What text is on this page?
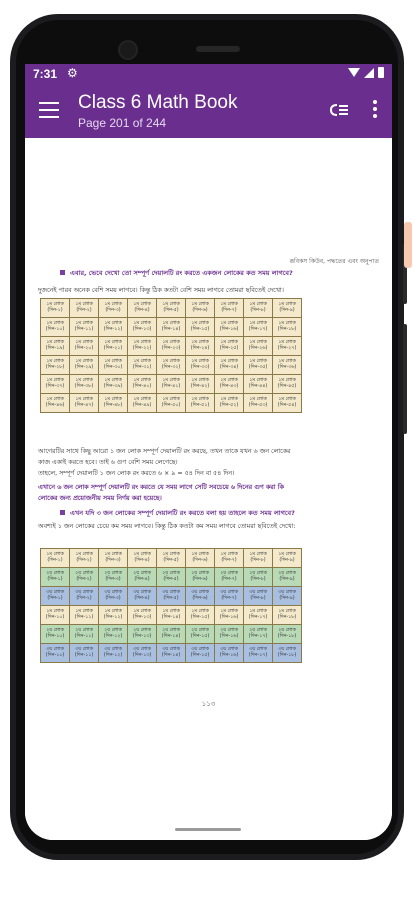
7:31 ⚙
Class 6 Math Book
Page 201 of 244
রূবিকস কিউব, পদ্ধতের এবং অনুপাত
এবার, ভেবে দেখো তো সম্পূর্ণ দেয়ালটি রং করতে একজন লোকের কত সময় লাগবে?
দুজনেই পারব অনেক বেশি সময় লাগবে। কিন্তু ঠিক কতটা বেশি সময় লাগবে তোমরা ছবিতেই দেখো।
১ম লোক (দিন-১)	১ম লোক (দিন-২)	১ম লোক (দিন-৩)	১ম লোক (দিন-৪)	১ম লোক (দিন-৫)	১ম লোক (দিন-৬)	১ম লোক (দিন-৭)	১ম লোক (দিন-৮)	১ম লোক (দিন-৯)
১ম লোক (দিন-১০)	১ম লোক (দিন-১১)	১ম লোক (দিন-১২)	১ম লোক (দিন-১৩)	১ম লোক (দিন-১৪)	১ম লোক (দিন-১৫)	১ম লোক (দিন-১৬)	১ম লোক (দিন-১৭)	১ম লোক (দিন-১৮)
১ম লোক (দিন-১৯)	১ম লোক (দিন-২০)	১ম লোক (দিন-২১)	১ম লোক (দিন-২২)	১ম লোক (দিন-২৩)	১ম লোক (দিন-২৪)	১ম লোক (দিন-২৫)	১ম লোক (দিন-২৬)	১ম লোক (দিন-২৭)
১ম লোক (দিন-২৮)	১ম লোক (দিন-২৯)	১ম লোক (দিন-৩০)	১ম লোক (দিন-৩১)	১ম লোক (দিন-৩২)	১ম লোক (দিন-৩৩)	১ম লোক (দিন-৩৪)	১ম লোক (দিন-৩৫)	১ম লোক (দিন-৩৬)
১ম লোক (দিন-৩৭)	১ম লোক (দিন-৩৮)	১ম লোক (দিন-৩৯)	১ম লোক (দিন-৪০)	১ম লোক (দিন-৪১)	১ম লোক (দিন-৪২)	১ম লোক (দিন-৪৩)	১ম লোক (দিন-৪৪)	১ম লোক (দিন-৪৫)
১ম লোক (দিন-৪৬)	১ম লোক (দিন-৪৭)	১ম লোক (দিন-৪৮)	১ম লোক (দিন-৪৯)	১ম লোক (দিন-৫০)	১ম লোক (দিন-৫১)	১ম লোক (দিন-৫২)	১ম লোক (দিন-৫৩)	১ম লোক (দিন-৫৪)
আগেরটির সাথে কিছু আরো ১ জন লোক সম্পূর্ণ দেয়ালটি রং করছে, তখন তাকে যখন ৬ জন লোকের
কাজ একাই করতে হবে। তাই ৬ গুণ বেশি সময় লেগেছে।
তাহলে, সম্পূর্ণ দেয়ালটি ১ জন লোক রং করতে ৬ × ৯ = ৫৪ দিন বা ৫৪ দিন।
এখানে ৬ জন লোক সম্পূর্ণ দেয়ালটি রং করতে যে সময় লাগে সেটি সবচেয়ে ৬ দিনের গুণ করা কি
লোকের জন্য প্রয়োজনীয় সময় নির্ণয় করা হয়েছে।
এখন যদি ৩ জন লোকের সম্পূর্ণ দেয়ালটি রং করতে বলা হয় তাহলে কত সময় লাগবে?
অবশ্যই ১ জন লোকের চেয়ে কম সময় লাগবে। কিন্তু ঠিক কতটা কম সময় লাগবে তোমরা ছবিতেই দেখো:
১ম লোক (দিন-১)	১ম লোক (দিন-২)	১ম লোক (দিন-৩)	১ম লোক (দিন-৪)	১ম লোক (দিন-৫)	১ম লোক (দিন-৬)	১ম লোক (দিন-৭)	১ম লোক (দিন-৮)	১ম লোক (দিন-৯)
২য় লোক (দিন-১)	২য় লোক (দিন-২)	২য় লোক (দিন-৩)	২য় লোক (দিন-৪)	২য় লোক (দিন-৫)	২য় লোক (দিন-৬)	২য় লোক (দিন-৭)	২য় লোক (দিন-৮)	২য় লোক (দিন-৯)
৩য় লোক (দিন-১)	৩য় লোক (দিন-২)	৩য় লোক (দিন-৩)	৩য় লোক (দিন-৪)	৩য় লোক (দিন-৫)	৩য় লোক (দিন-৬)	৩য় লোক (দিন-৭)	৩য় লোক (দিন-৮)	৩য় লোক (দিন-৯)
১ম লোক (দিন-১০)	১ম লোক (দিন-১১)	১ম লোক (দিন-১২)	১ম লোক (দিন-১৩)	১ম লোক (দিন-১৪)	১ম লোক (দিন-১৫)	১ম লোক (দিন-১৬)	১ম লোক (দিন-১৭)	১ম লোক (দিন-১৮)
২য় লোক (দিন-১০)	২য় লোক (দিন-১১)	২য় লোক (দিন-১২)	২য় লোক (দিন-১৩)	২য় লোক (দিন-১৪)	২য় লোক (দিন-১৫)	২য় লোক (দিন-১৬)	২য় লোক (দিন-১৭)	২য় লোক (দিন-১৮)
৩য় লোক (দিন-১০)	৩য় লোক (দিন-১১)	৩য় লোক (দিন-১২)	৩য় লোক (দিন-১৩)	৩য় লোক (দিন-১৪)	৩য় লোক (দিন-১৫)	৩য় লোক (দিন-১৬)	৩য় লোক (দিন-১৭)	৩য় লোক (দিন-১৮)
১১৩
